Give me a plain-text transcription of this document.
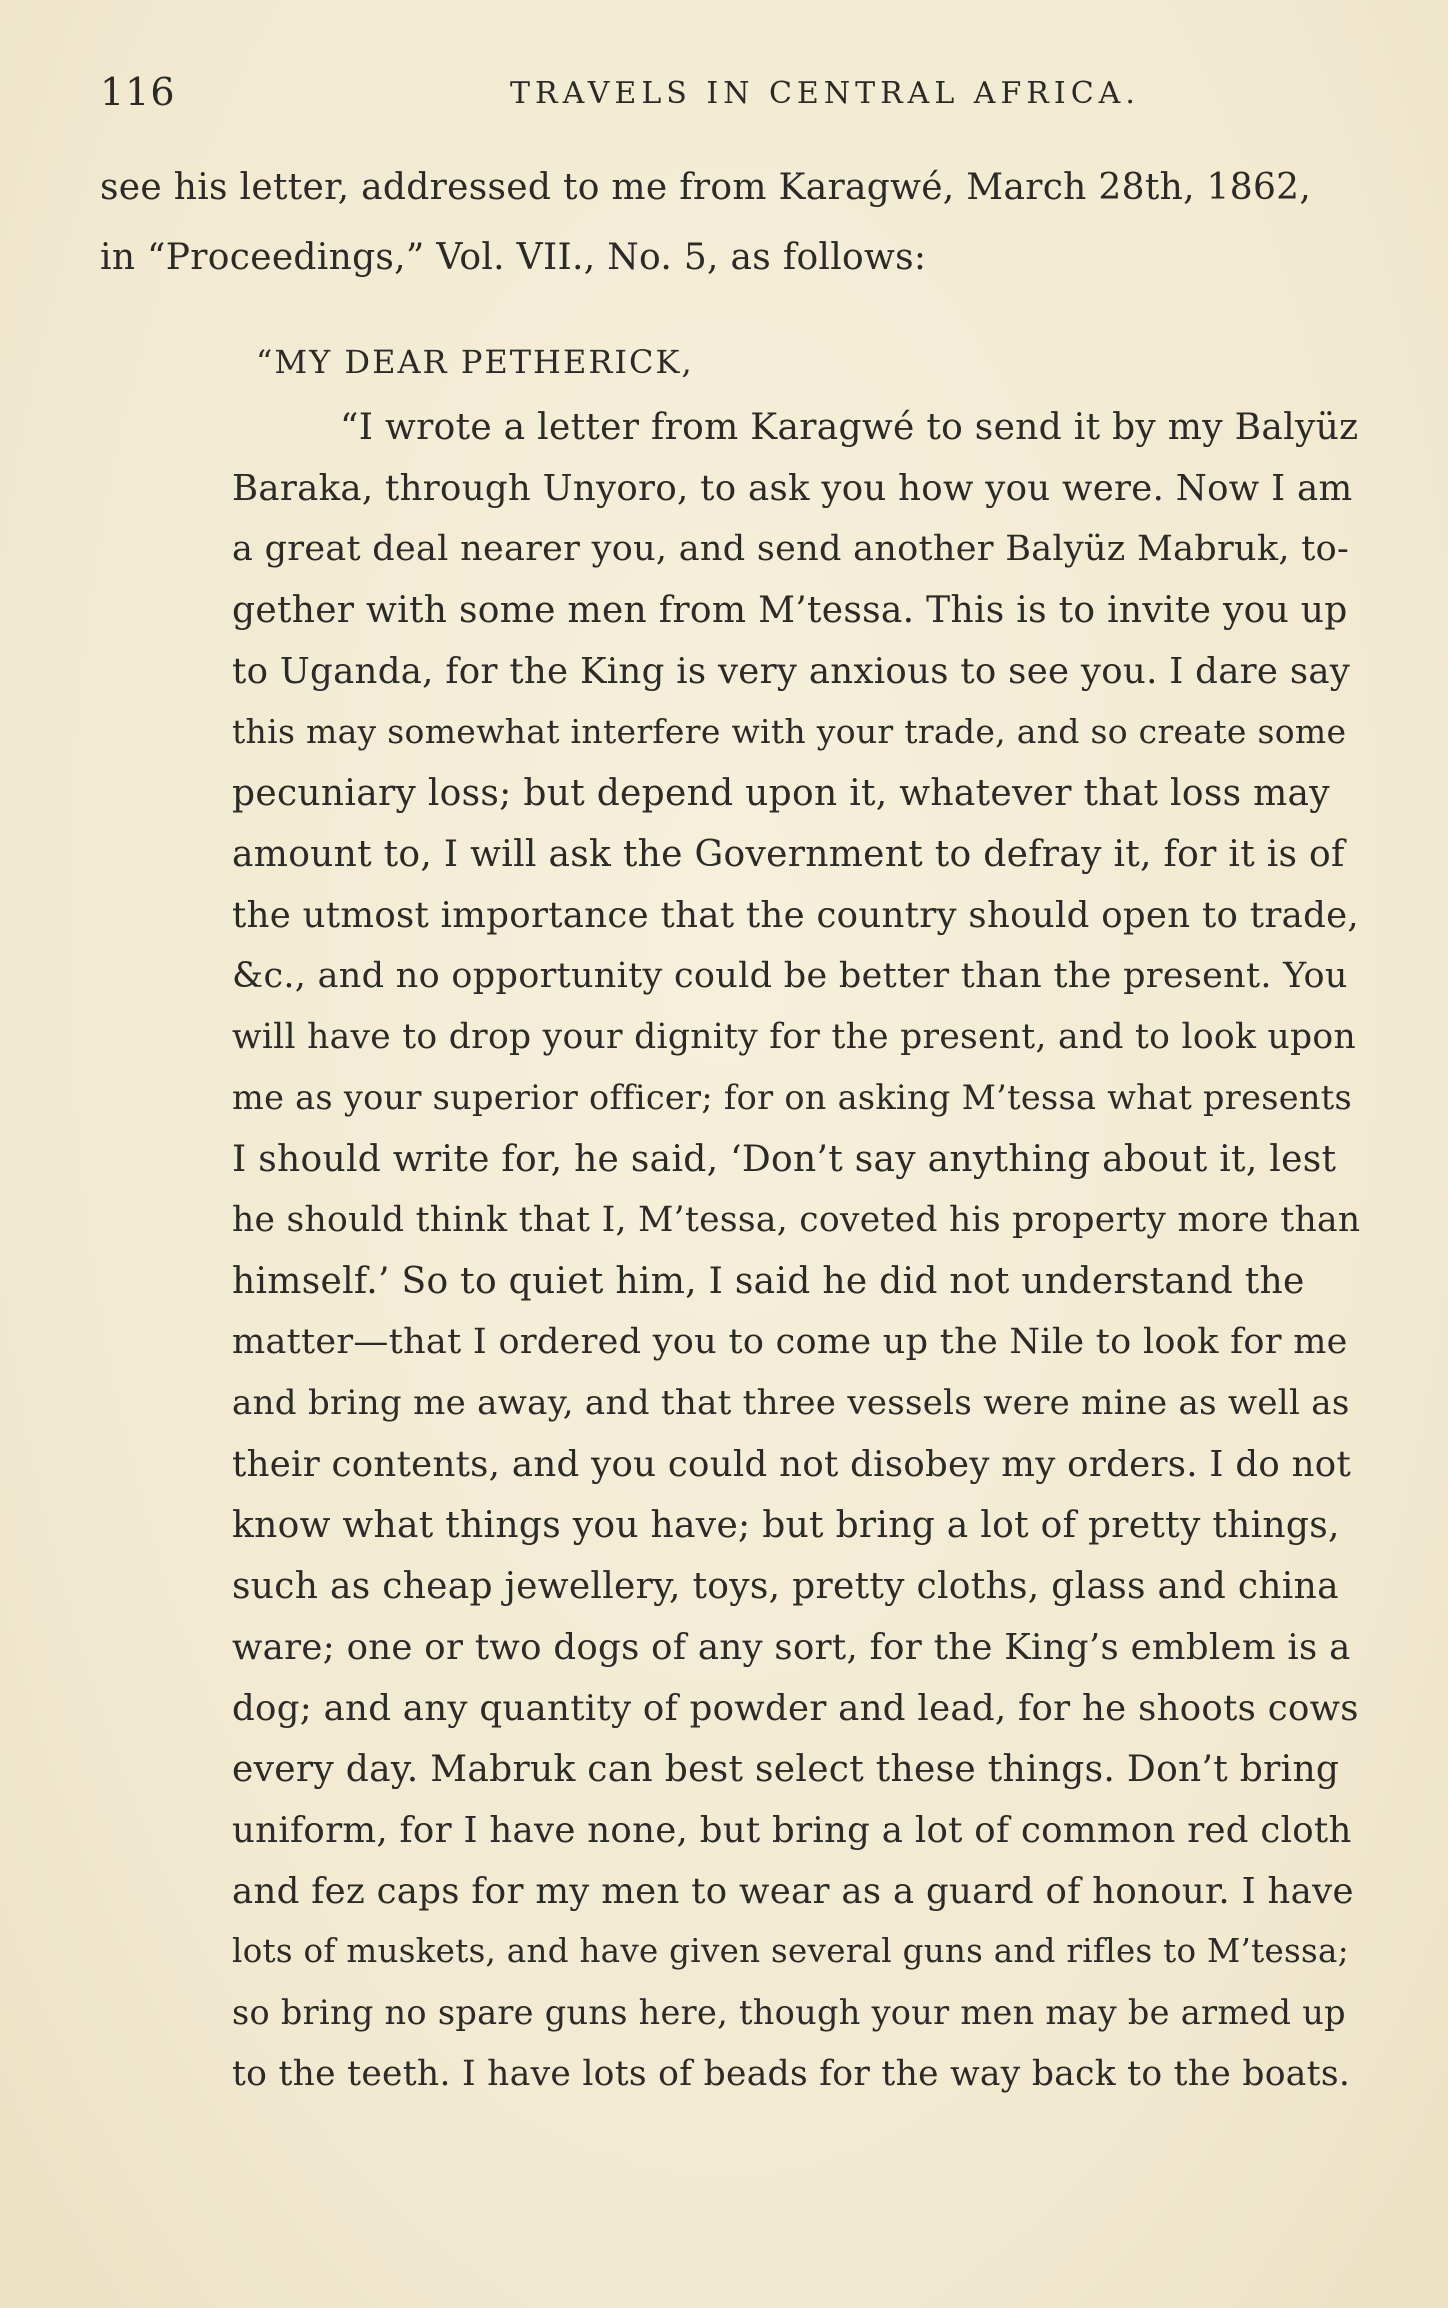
116	TRAVELS IN CENTRAL AFRICA.
see his letter, addressed to me from Karagwé, March 28th, 1862,
in “Proceedings,” Vol. VII., No. 5, as follows:
“MY DEAR PETHERICK,
“I wrote a letter from Karagwé to send it by my Balyüz
Baraka, through Unyoro, to ask you how you were. Now I am
a great deal nearer you, and send another Balyüz Mabruk, to-
gether with some men from M’tessa. This is to invite you up
to Uganda, for the King is very anxious to see you. I dare say
this may somewhat interfere with your trade, and so create some
pecuniary loss; but depend upon it, whatever that loss may
amount to, I will ask the Government to defray it, for it is of
the utmost importance that the country should open to trade,
&c., and no opportunity could be better than the present. You
will have to drop your dignity for the present, and to look upon
me as your superior officer; for on asking M’tessa what presents
I should write for, he said, ‘Don’t say anything about it, lest
he should think that I, M’tessa, coveted his property more than
himself.’ So to quiet him, I said he did not understand the
matter—that I ordered you to come up the Nile to look for me
and bring me away, and that three vessels were mine as well as
their contents, and you could not disobey my orders. I do not
know what things you have; but bring a lot of pretty things,
such as cheap jewellery, toys, pretty cloths, glass and china
ware; one or two dogs of any sort, for the King’s emblem is a
dog; and any quantity of powder and lead, for he shoots cows
every day. Mabruk can best select these things. Don’t bring
uniform, for I have none, but bring a lot of common red cloth
and fez caps for my men to wear as a guard of honour. I have
lots of muskets, and have given several guns and rifles to M’tessa;
so bring no spare guns here, though your men may be armed up
to the teeth. I have lots of beads for the way back to the boats.
